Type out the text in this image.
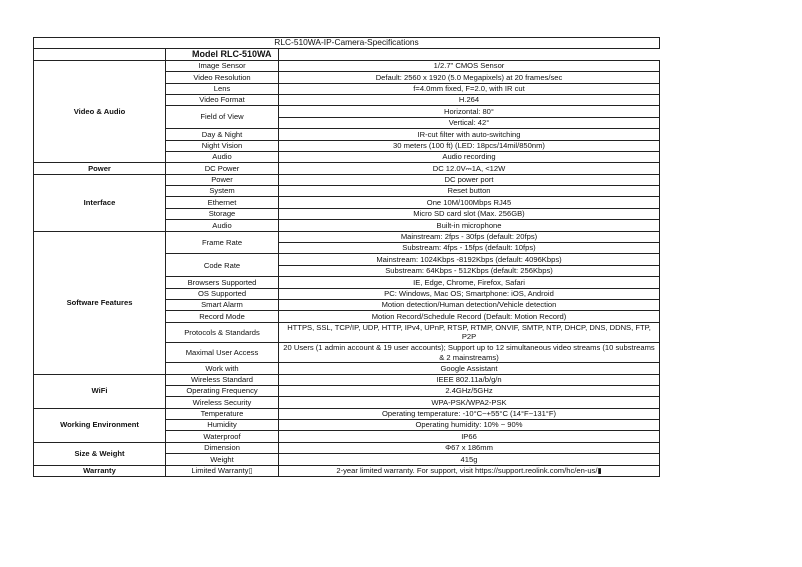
RLC-510WA-IP-Camera-Specifications		
	Model RLC-510WA	
Video & Audio	Image Sensor	1/2.7" CMOS Sensor
	Video Resolution	Default: 2560 x 1920 (5.0 Megapixels) at 20 frames/sec
	Lens	f=4.0mm fixed, F=2.0, with IR cut
	Video Format	H.264
	Field of View	Horizontal: 80°
		Vertical: 42°
	Day & Night	IR-cut filter with auto-switching
	Night Vision	30 meters (100 ft) (LED: 18pcs/14mil/850nm)
	Audio	Audio recording
Power	DC Power	DC 12.0V⎓1A, <12W
Interface	Power	DC power port
	System	Reset button
	Ethernet	One 10M/100Mbps RJ45
	Storage	Micro SD card slot (Max. 256GB)
	Audio	Built-in microphone
Software Features	Frame Rate	Mainstream: 2fps - 30fps (default: 20fps)
		Substream: 4fps - 15fps (default: 10fps)
	Code Rate	Mainstream: 1024Kbps -8192Kbps (default: 4096Kbps)
		Substream: 64Kbps - 512Kbps (default: 256Kbps)
	Browsers Supported	IE, Edge, Chrome, Firefox, Safari
	OS Supported	PC: Windows, Mac OS; Smartphone: iOS, Android
	Smart Alarm	Motion detection/Human detection/Vehicle detection
	Record Mode	Motion Record/Schedule Record (Default: Motion Record)
	Protocols & Standards	HTTPS, SSL, TCP/IP, UDP, HTTP, IPv4, UPnP, RTSP, RTMP, ONVIF, SMTP, NTP, DHCP, DNS, DDNS, FTP, P2P

	Maximal User Access	20 Users (1 admin account & 19 user accounts); Support up to 12 simultaneous video streams (10 substreams & 2 mainstreams)

	Work with	Google Assistant
WiFi	Wireless Standard	IEEE 802.11a/b/g/n
	Operating Frequency	2.4GHz/5GHz
	Wireless Security	WPA-PSK/WPA2-PSK
Working Environment	Temperature	Operating temperature: -10°C~+55°C (14°F~131°F)
	Humidity	Operating humidity: 10% ~ 90%
	Waterproof	IP66
Size & Weight	Dimension	Φ67 x 186mm
	Weight	415g
Warranty	Limited Warranty▯	2-year limited warranty. For support, visit https://support.reolink.com/hc/en-us/▮
